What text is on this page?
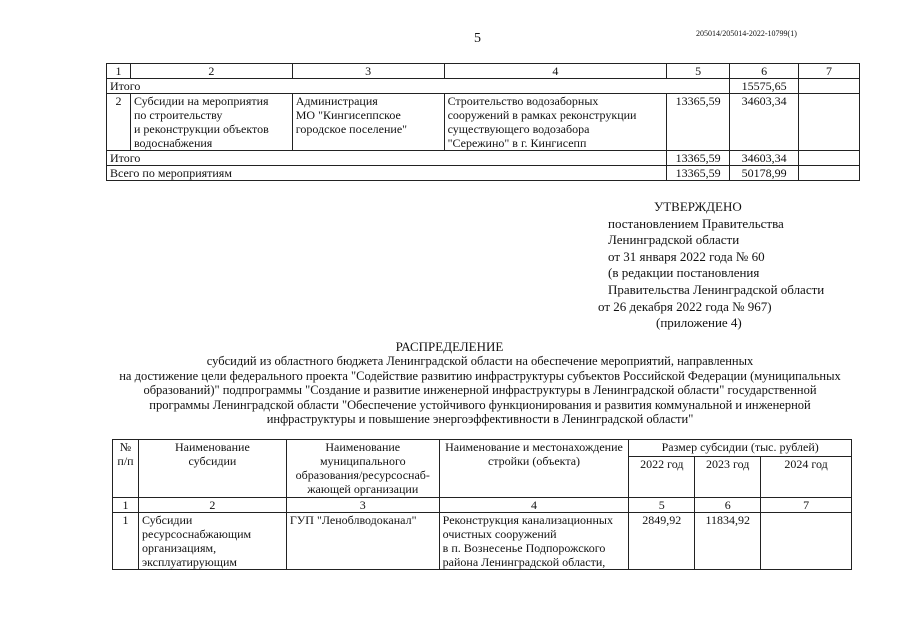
5	205014/205014-2022-10799(1)
1	2	3	4	5	6	7
Итого					15575,65	
2	Субсидии на мероприятия
по строительству
и реконструкции объектов
водоснабжения	Администрация
МО "Кингисеппское
городское поселение"	Строительство водозаборных
сооружений в рамках реконструкции
существующего водозабора
"Сережино" в г. Кингисепп	13365,59	34603,34	
Итого				13365,59	34603,34	
Всего по мероприятиям				13365,59	50178,99	
УТВЕРЖДЕНО
постановлением Правительства
Ленинградской области
от 31 января 2022 года № 60
(в редакции постановления
Правительства Ленинградской области
от 26 декабря 2022 года № 967)
(приложение 4)
РАСПРЕДЕЛЕНИЕ
субсидий из областного бюджета Ленинградской области на обеспечение мероприятий, направленных
на достижение цели федерального проекта "Содействие развитию инфраструктуры субъектов Российской Федерации (муниципальных
образований)" подпрограммы "Создание и развитие инженерной инфраструктуры в Ленинградской области" государственной
программы Ленинградской области "Обеспечение устойчивого функционирования и развития коммунальной и инженерной
инфраструктуры и повышение энергоэффективности в Ленинградской области"
№
п/п	Наименование
субсидии	Наименование
муниципального
образования/ресурсоснаб-
жающей организации	Наименование и местонахождение
стройки (объекта)	Размер субсидии (тыс. рублей)		
				2022 год	2023 год	2024 год
1	2	3	4	5	6	7
1	Субсидии
ресурсоснабжающим
организациям,
эксплуатирующим	ГУП "Леноблводоканал"	Реконструкция канализационных
очистных сооружений
в п. Вознесенье Подпорожского
района Ленинградской области,	2849,92	11834,92	
